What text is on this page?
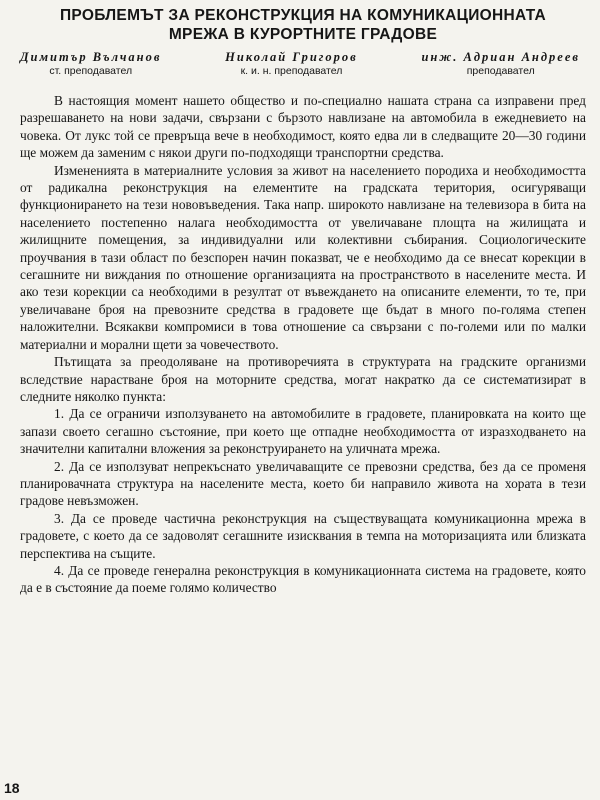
ПРОБЛЕМЪТ ЗА РЕКОНСТРУКЦИЯ НА КОМУНИКАЦИОННАТА
МРЕЖА В КУРОРТНИТЕ ГРАДОВЕ
Димитър Вълчанов
ст. преподавател
Николай Григоров
к. и. н. преподавател
инж. Адриан Андреев
преподавател

В настоящия момент нашето общество и по-специално нашата страна са изправени пред разрешаването на нови задачи, свързани с бързото навлизане на автомобила в ежедневието на човека. От лукс той се превръща вече в необходимост, която едва ли в следващите 20—30 години ще можем да заменим с някои други по-подходящи транспортни средства.

Измененията в материалните условия за живот на населението породиха и необходимостта от радикална реконструкция на елементите на градската територия, осигуряващи функционирането на тези нововъведения. Така напр. широкото навлизане на телевизора в бита на населението постепенно налага необходимостта от увеличаване площта на жилищата и жилищните помещения, за индивидуални или колективни събирания. Социологическите проучвания в тази област по безспорен начин показват, че е необходимо да се внесат корекции в сегашните ни виждания по отношение организацията на пространството в населените места. И ако тези корекции са необходими в резултат от въвеждането на описаните елементи, то те, при увеличаване броя на превозните средства в градовете ще бъдат в много по-голяма степен наложителни. Всякакви компромиси в това отношение са свързани с по-големи или по малки материални и морални щети за човечеството.

Пътищата за преодоляване на противоречията в структурата на градските организми вследствие нарастване броя на моторните средства, могат накратко да се систематизират в следните няколко пункта:

1. Да се ограничи използуването на автомобилите в градовете, планировката на които ще запази своето сегашно състояние, при което ще отпадне необходимостта от изразходването на значителни капитални вложения за реконструирането на уличната мрежа.

2. Да се използуват непрекъснато увеличаващите се превозни средства, без да се променя планировачната структура на населените места, което би направило живота на хората в тези градове невъзможен.

3. Да се проведе частична реконструкция на съществуващата комуникационна мрежа в градовете, с което да се задоволят сегашните изисквания в темпа на моторизацията или близката перспектива на същите.

4. Да се проведе генерална реконструкция в комуникационната система на градовете, която да е в състояние да поеме голямо количество

18
